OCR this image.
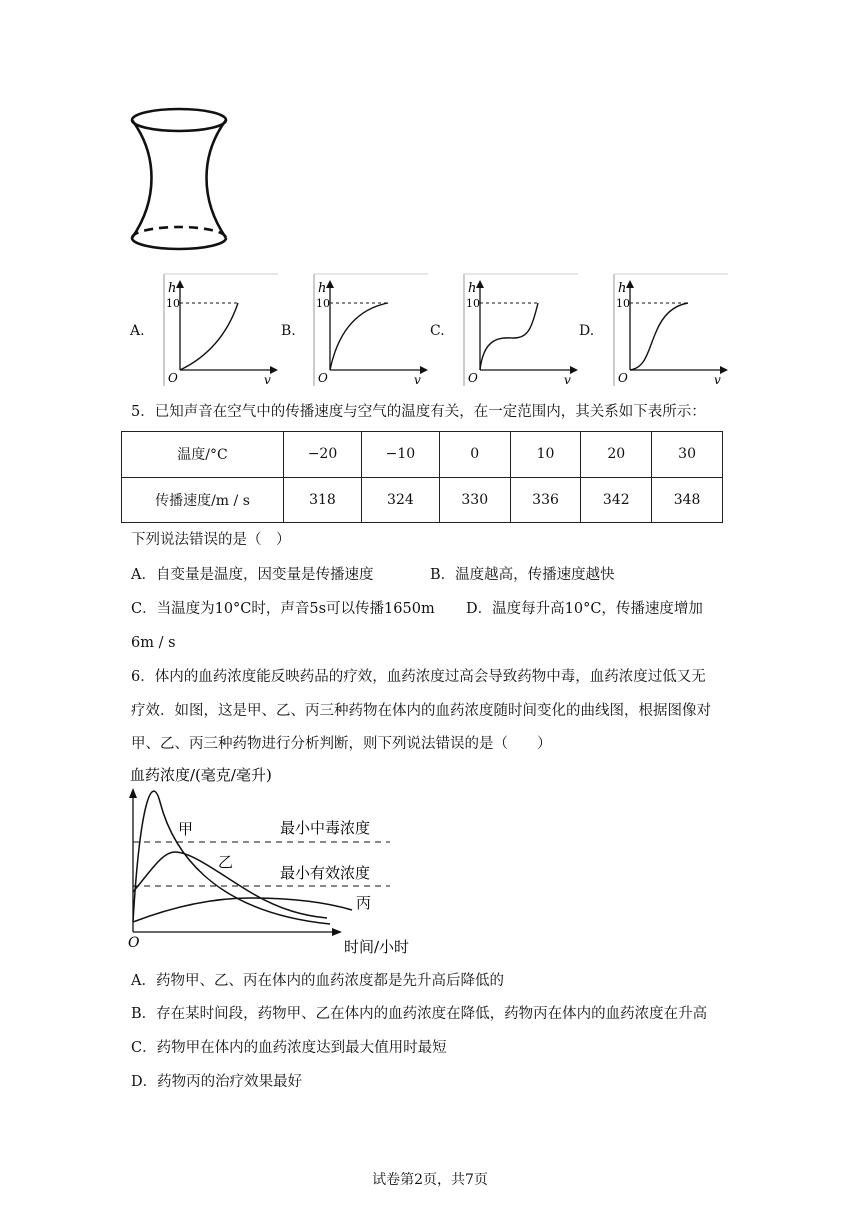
A.	B.	C.	D.
h
10
O	v
h
10
O	v
h
10
O	v
h
10
O	v
5．已知声音在空气中的传播速度与空气的温度有关，在一定范围内，其关系如下表所示：
温度/°C	−20	−10	0	10	20	30
传播速度/m / s	318	324	330	336	342	348
下列说法错误的是（　）
A．自变量是温度，因变量是传播速度	B．温度越高，传播速度越快
C．当温度为10°C时，声音5s可以传播1650m D．温度每升高10°C，传播速度增加
6m / s
6．体内的血药浓度能反映药品的疗效，血药浓度过高会导致药物中毒，血药浓度过低又无
疗效．如图，这是甲、乙、丙三种药物在体内的血药浓度随时间变化的曲线图，根据图像对
甲、乙、丙三种药物进行分析判断，则下列说法错误的是（　　）
血药浓度/(毫克/毫升)
O	时间/小时
最小中毒浓度
最小有效浓度
甲
乙
丙
A．药物甲、乙、丙在体内的血药浓度都是先升高后降低的
B．存在某时间段，药物甲、乙在体内的血药浓度在降低，药物丙在体内的血药浓度在升高
C．药物甲在体内的血药浓度达到最大值用时最短
D．药物丙的治疗效果最好
试卷第2页，共7页
